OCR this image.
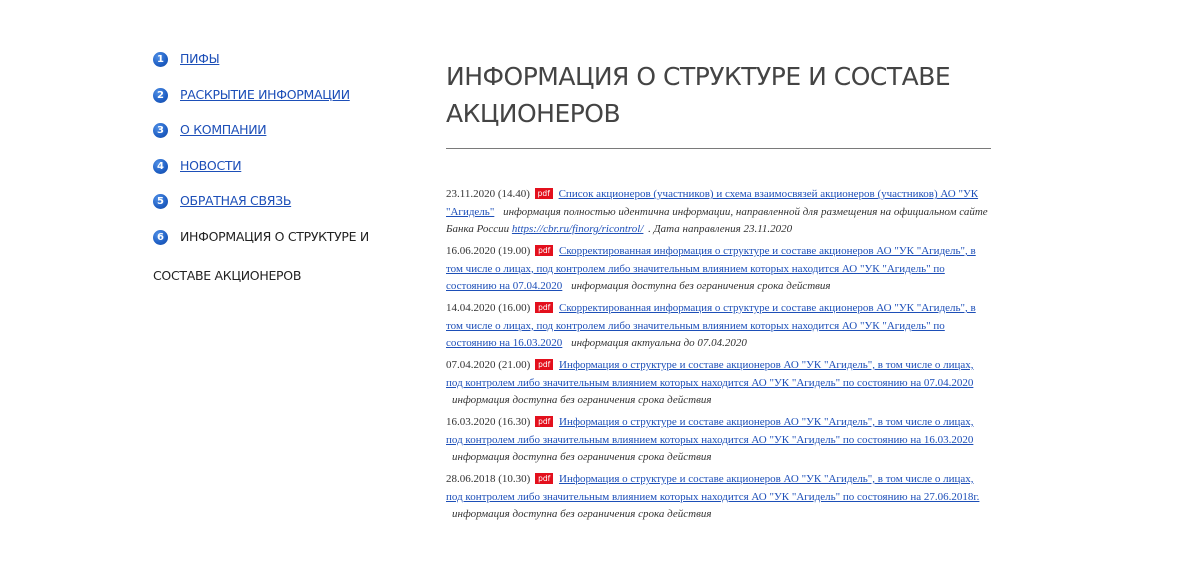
1	ПИФЫ
2	РАСКРЫТИЕ ИНФОРМАЦИИ
3	О КОМПАНИИ
4	НОВОСТИ
5	ОБРАТНАЯ СВЯЗЬ
6	ИНФОРМАЦИЯ О СТРУКТУРЕ И
СОСТАВЕ АКЦИОНЕРОВ
ИНФОРМАЦИЯ О СТРУКТУРЕ И СОСТАВЕ
АКЦИОНЕРОВ
23.11.2020 (14.40) pdf Список акционеров (участников) и схема взаимосвязей акционеров (участников) АО "УК "Агидель" информация полностью идентична информации, направленной для размещения на официальном сайте Банка России https://cbr.ru/finorg/ricontrol/ . Дата направления 23.11.2020
16.06.2020 (19.00) pdf Скорректированная информация о структуре и составе акционеров АО "УК "Агидель", в том числе о лицах, под контролем либо значительным влиянием которых находится АО "УК "Агидель" по состоянию на 07.04.2020 информация доступна без ограничения срока действия
14.04.2020 (16.00) pdf Скорректированная информация о структуре и составе акционеров АО "УК "Агидель", в том числе о лицах, под контролем либо значительным влиянием которых находится АО "УК "Агидель" по состоянию на 16.03.2020 информация актуальна до 07.04.2020
07.04.2020 (21.00) pdf Информация о структуре и составе акционеров АО "УК "Агидель", в том числе о лицах, под контролем либо значительным влиянием которых находится АО "УК "Агидель" по состоянию на 07.04.2020 информация доступна без ограничения срока действия
16.03.2020 (16.30) pdf Информация о структуре и составе акционеров АО "УК "Агидель", в том числе о лицах, под контролем либо значительным влиянием которых находится АО "УК "Агидель" по состоянию на 16.03.2020 информация доступна без ограничения срока действия
28.06.2018 (10.30) pdf Информация о структуре и составе акционеров АО "УК "Агидель", в том числе о лицах, под контролем либо значительным влиянием которых находится АО "УК "Агидель" по состоянию на 27.06.2018г. информация доступна без ограничения срока действия
